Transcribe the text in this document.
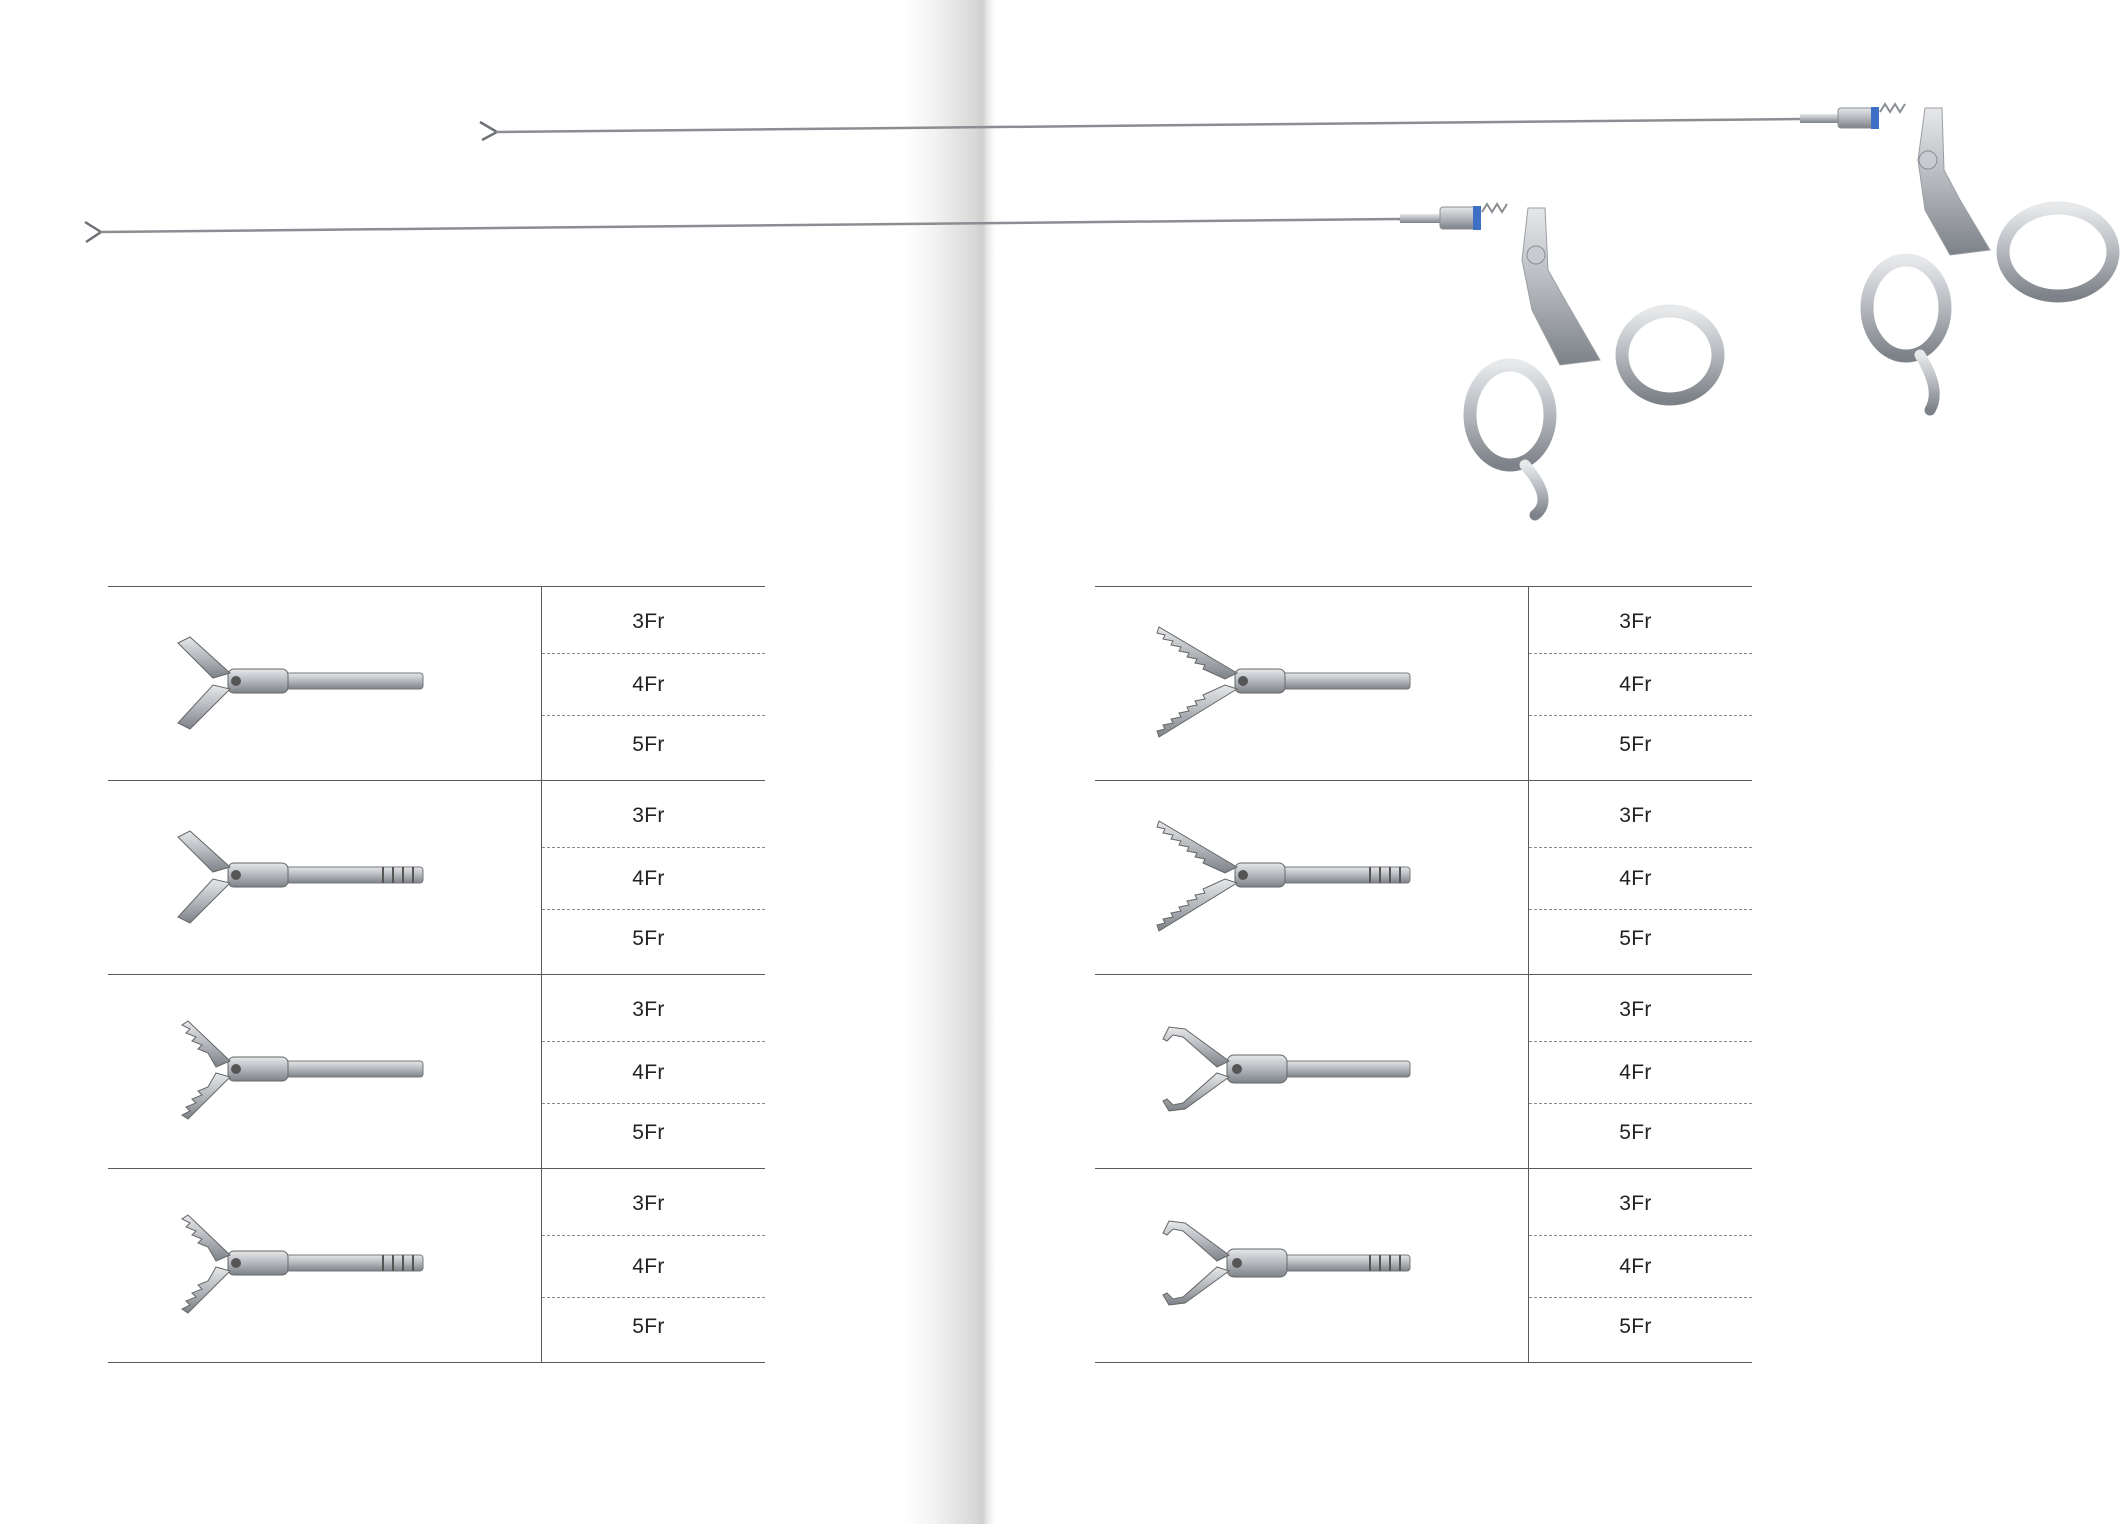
3Fr
4Fr
5Fr
3Fr
4Fr
5Fr
3Fr
4Fr
5Fr
3Fr
4Fr
5Fr
3Fr
4Fr
5Fr
3Fr
4Fr
5Fr
3Fr
4Fr
5Fr
3Fr
4Fr
5Fr
